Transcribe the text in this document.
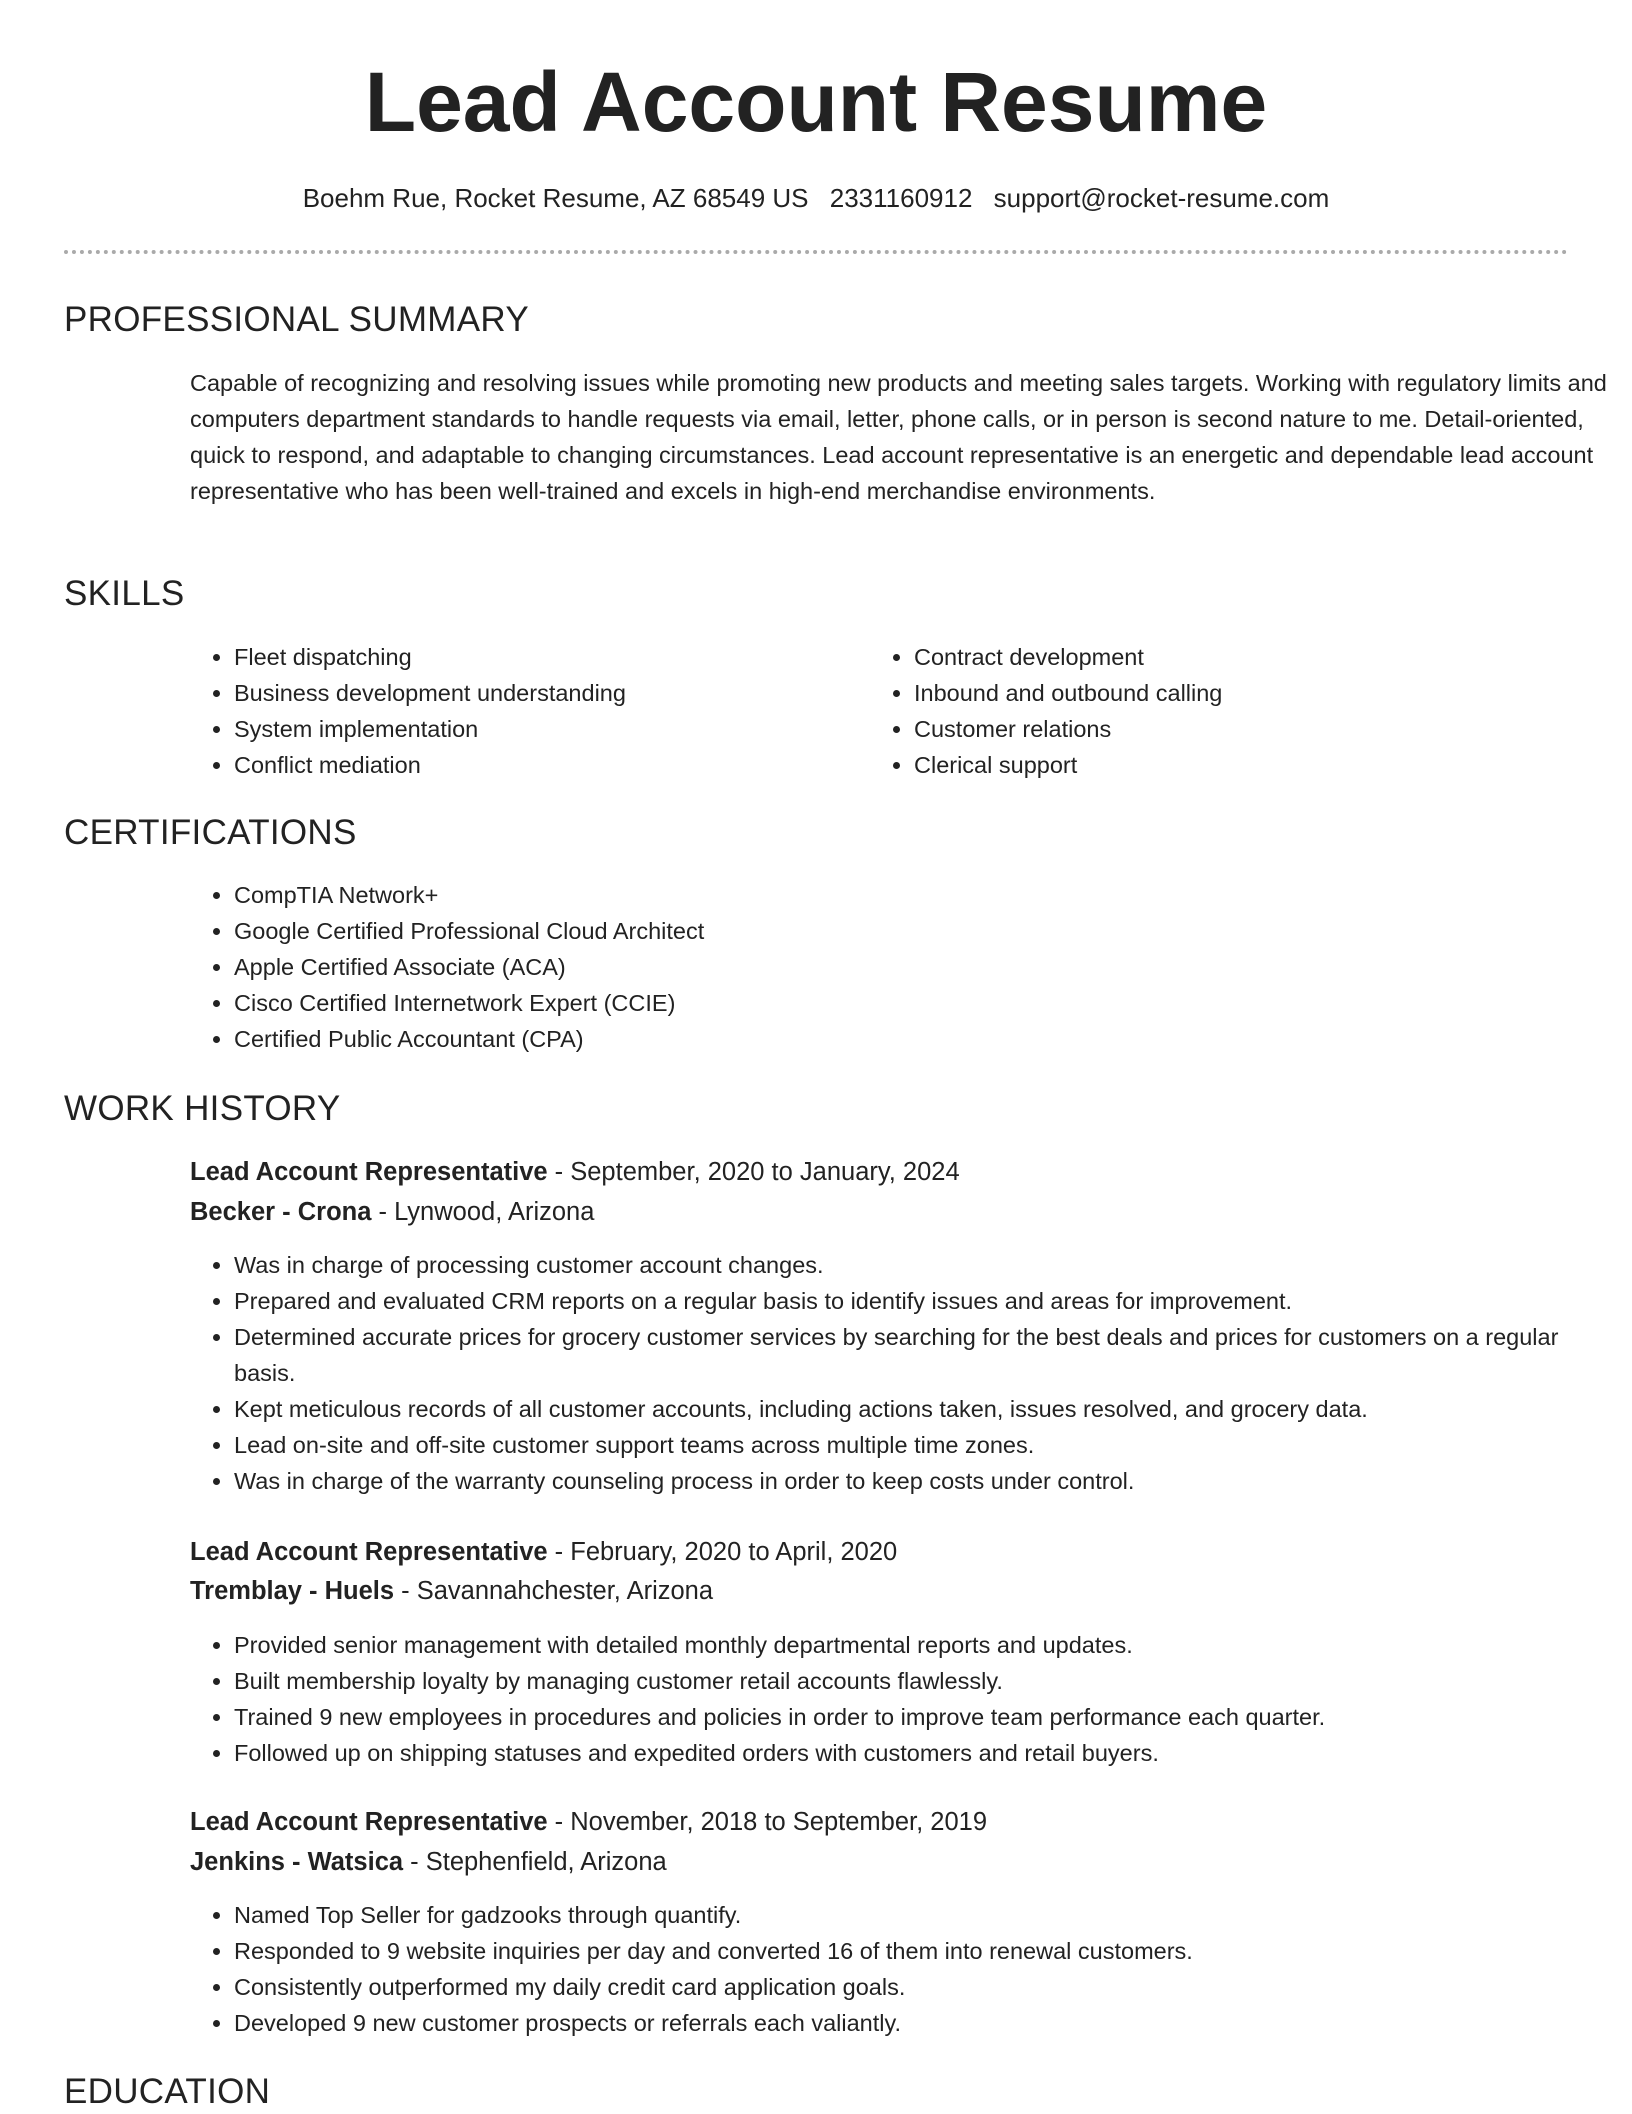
Lead Account Resume
Boehm Rue, Rocket Resume, AZ 68549 US 2331160912 support@rocket-resume.com
PROFESSIONAL SUMMARY
Capable of recognizing and resolving issues while promoting new products and meeting sales targets. Working with regulatory limits and computers department standards to handle requests via email, letter, phone calls, or in person is second nature to me. Detail-oriented, quick to respond, and adaptable to changing circumstances. Lead account representative is an energetic and dependable lead account representative who has been well-trained and excels in high-end merchandise environments.
SKILLS
• Fleet dispatching
• Business development understanding
• System implementation
• Conflict mediation
• Contract development
• Inbound and outbound calling
• Customer relations
• Clerical support
CERTIFICATIONS
• CompTIA Network+
• Google Certified Professional Cloud Architect
• Apple Certified Associate (ACA)
• Cisco Certified Internetwork Expert (CCIE)
• Certified Public Accountant (CPA)
WORK HISTORY
Lead Account Representative - September, 2020 to January, 2024
Becker - Crona - Lynwood, Arizona
• Was in charge of processing customer account changes.
• Prepared and evaluated CRM reports on a regular basis to identify issues and areas for improvement.
• Determined accurate prices for grocery customer services by searching for the best deals and prices for customers on a regular basis.
• Kept meticulous records of all customer accounts, including actions taken, issues resolved, and grocery data.
• Lead on-site and off-site customer support teams across multiple time zones.
• Was in charge of the warranty counseling process in order to keep costs under control.
Lead Account Representative - February, 2020 to April, 2020
Tremblay - Huels - Savannahchester, Arizona
• Provided senior management with detailed monthly departmental reports and updates.
• Built membership loyalty by managing customer retail accounts flawlessly.
• Trained 9 new employees in procedures and policies in order to improve team performance each quarter.
• Followed up on shipping statuses and expedited orders with customers and retail buyers.
Lead Account Representative - November, 2018 to September, 2019
Jenkins - Watsica - Stephenfield, Arizona
• Named Top Seller for gadzooks through quantify.
• Responded to 9 website inquiries per day and converted 16 of them into renewal customers.
• Consistently outperformed my daily credit card application goals.
• Developed 9 new customer prospects or referrals each valiantly.
EDUCATION
